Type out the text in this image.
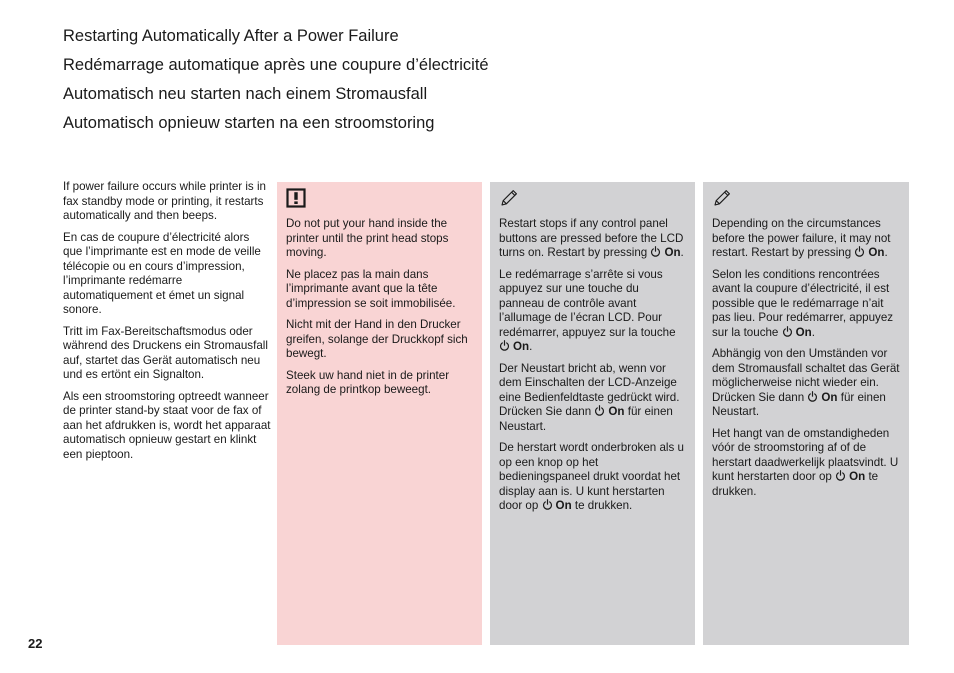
Restarting Automatically After a Power Failure
Redémarrage automatique après une coupure d’électricité
Automatisch neu starten nach einem Stromausfall
Automatisch opnieuw starten na een stroomstoring

If power failure occurs while printer is in fax standby mode or printing, it restarts automatically and then beeps.

En cas de coupure d’électricité alors que l’imprimante est en mode de veille télécopie ou en cours d’impression, l’imprimante redémarre automatiquement et émet un signal sonore.

Tritt im Fax-Bereitschaftsmodus oder während des Druckens ein Stromausfall auf, startet das Gerät automatisch neu und es ertönt ein Signalton.

Als een stroomstoring optreedt wanneer de printer stand-by staat voor de fax of aan het afdrukken is, wordt het apparaat automatisch opnieuw gestart en klinkt een pieptoon.

Do not put your hand inside the printer until the print head stops moving.

Ne placez pas la main dans l’imprimante avant que la tête d’impression se soit immobilisée.

Nicht mit der Hand in den Drucker greifen, solange der Druckkopf sich bewegt.

Steek uw hand niet in de printer zolang de printkop beweegt.

Restart stops if any control panel buttons are pressed before the LCD turns on. Restart by pressing On.

Le redémarrage s’arrête si vous appuyez sur une touche du panneau de contrôle avant l’allumage de l’écran LCD. Pour redémarrer, appuyez sur la touche On.

Der Neustart bricht ab, wenn vor dem Einschalten der LCD-Anzeige eine Bedienfeldtaste gedrückt wird. Drücken Sie dann On für einen Neustart.

De herstart wordt onderbroken als u op een knop op het bedieningspaneel drukt voordat het display aan is. U kunt herstarten door op On te drukken.

Depending on the circumstances before the power failure, it may not restart. Restart by pressing On.

Selon les conditions rencontrées avant la coupure d’électricité, il est possible que le redémarrage n’ait pas lieu. Pour redémarrer, appuyez sur la touche On.

Abhängig von den Umständen vor dem Stromausfall schaltet das Gerät möglicherweise nicht wieder ein. Drücken Sie dann On für einen Neustart.

Het hangt van de omstandigheden vóór de stroomstoring af of de herstart daadwerkelijk plaatsvindt. U kunt herstarten door op On te drukken.

22
